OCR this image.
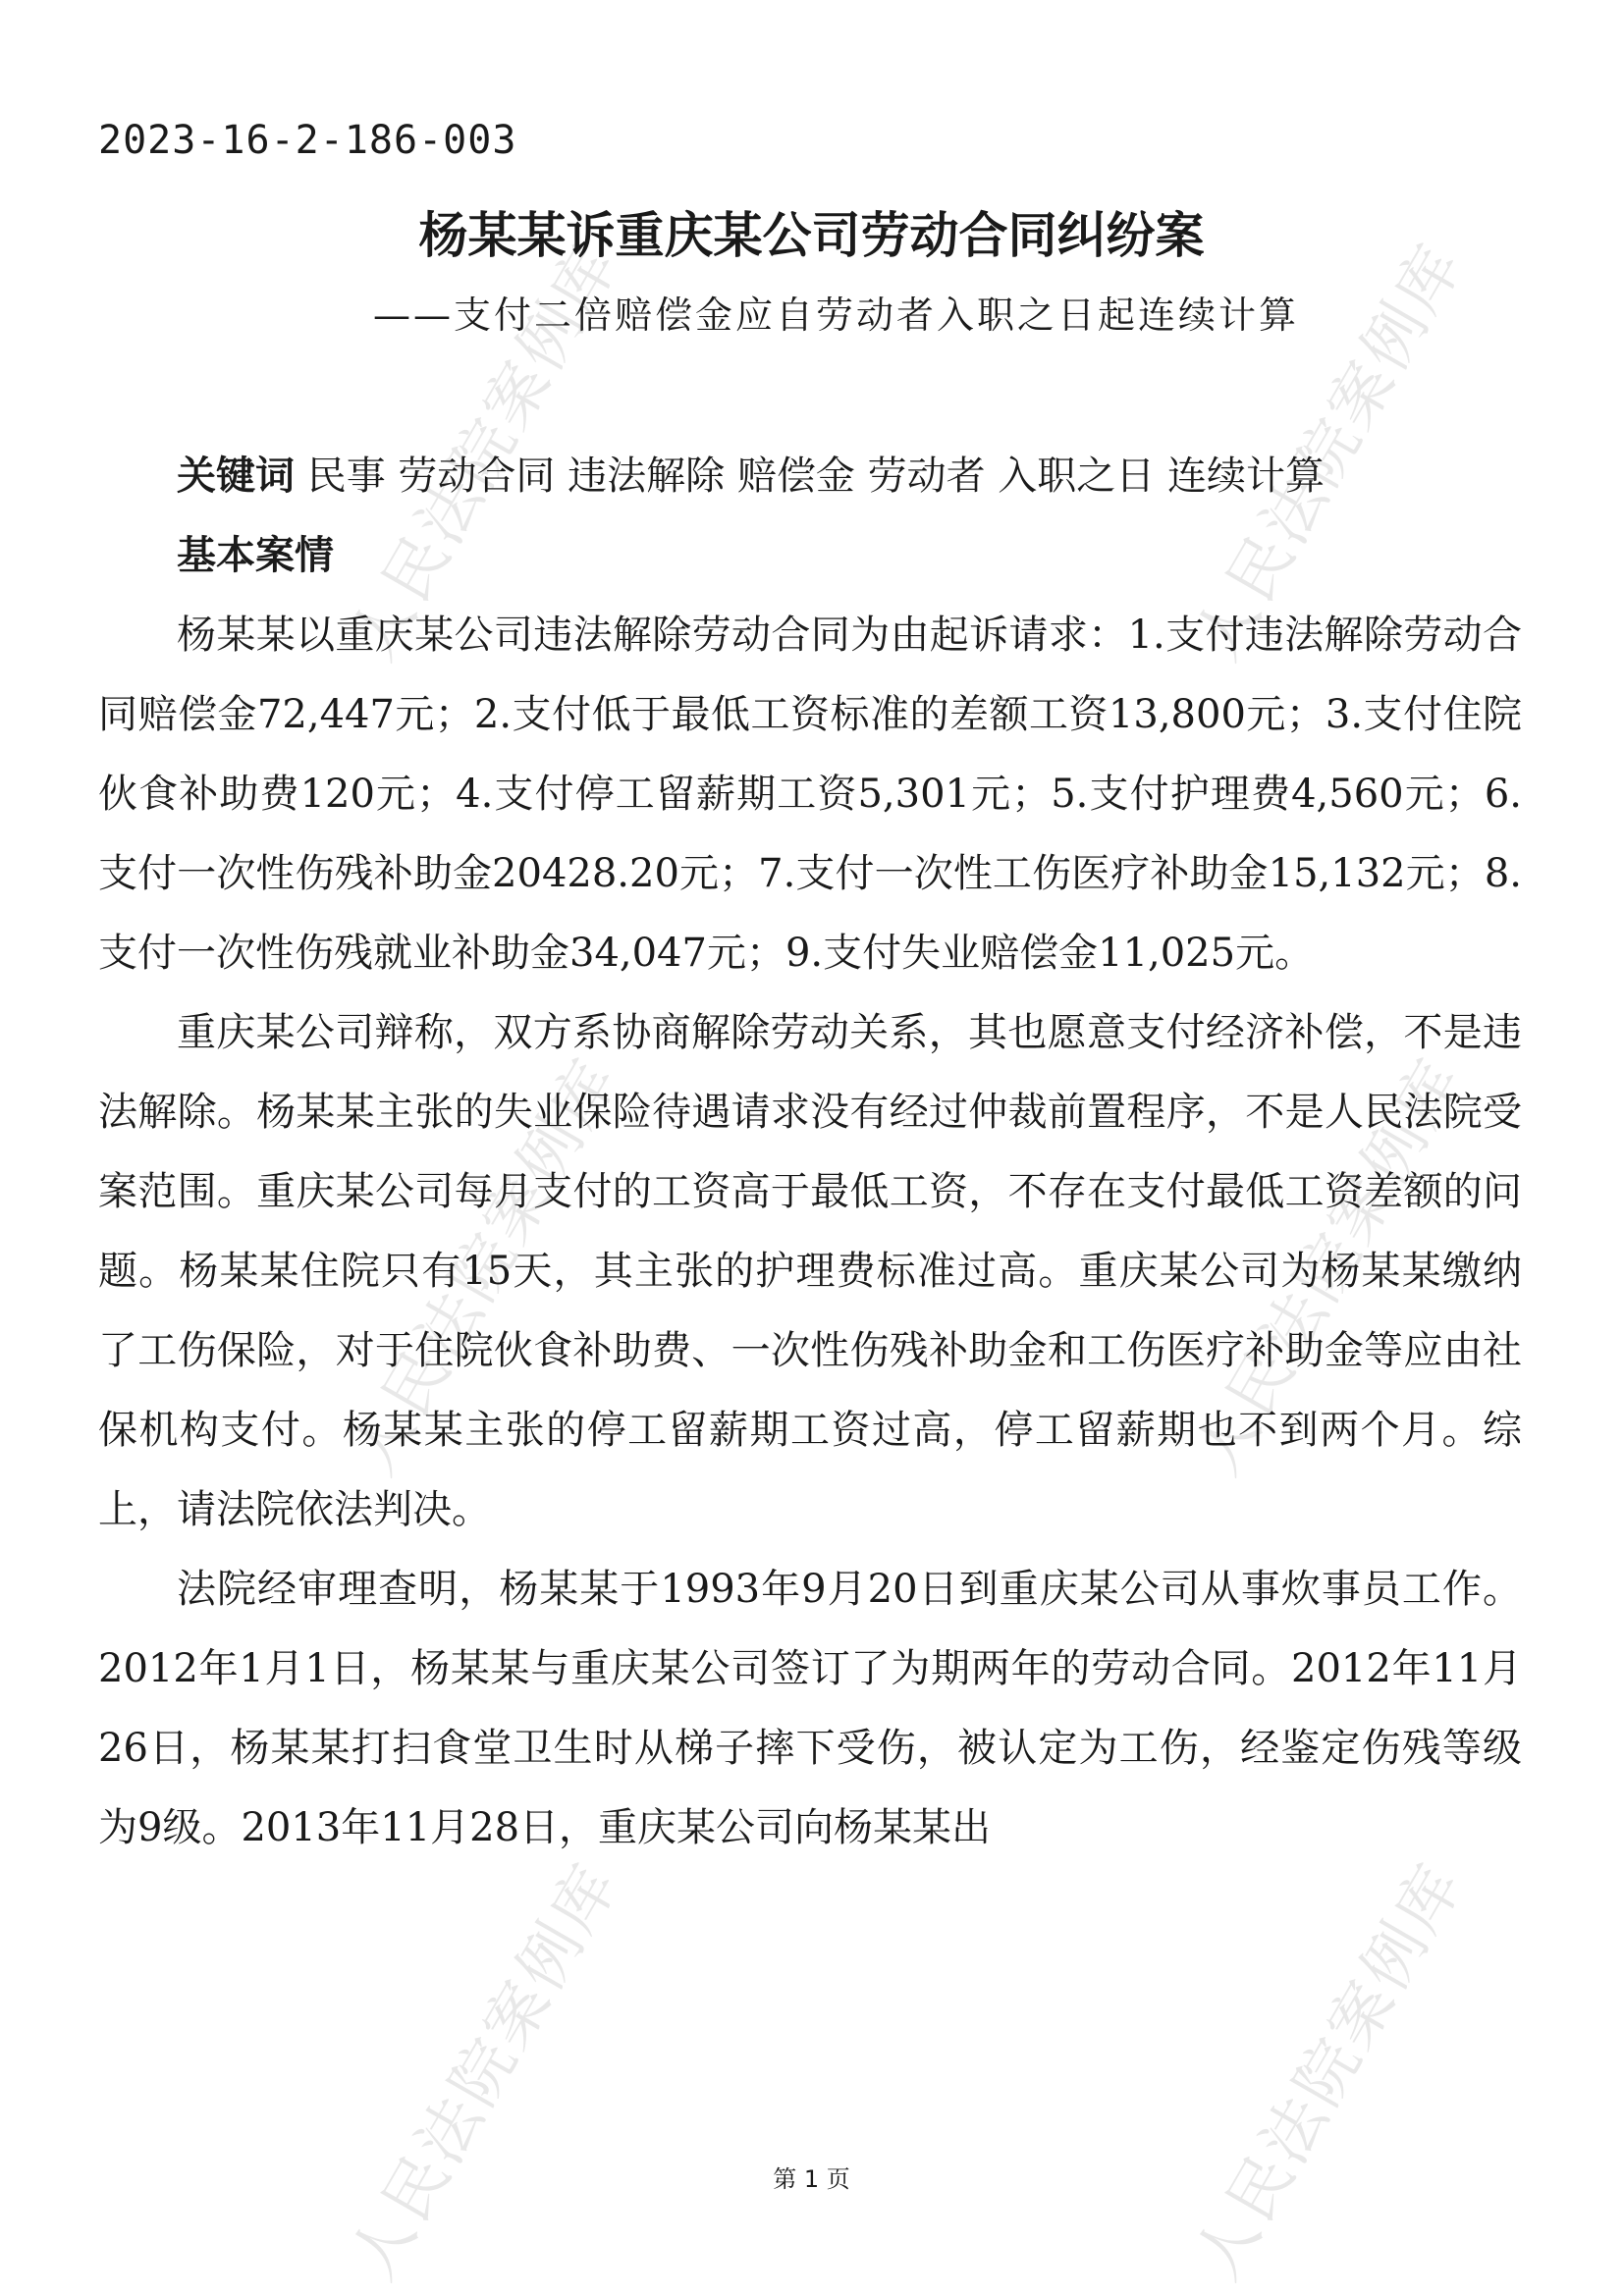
人民法院案例库	人民法院案例库
人民法院案例库	人民法院案例库
人民法院案例库	人民法院案例库
2023-16-2-186-003
杨某某诉重庆某公司劳动合同纠纷案
——支付二倍赔偿金应自劳动者入职之日起连续计算

关键词 民事 劳动合同 违法解除 赔偿金 劳动者 入职之日 连续计算

基本案情

杨某某以重庆某公司违法解除劳动合同为由起诉请求：1.支付违法解除劳动合同赔偿金72,447元；2.支付低于最低工资标准的差额工资13,800元；3.支付住院伙食补助费120元；4.支付停工留薪期工资5,301元；5.支付护理费4,560元；6.支付一次性伤残补助金20428.20元；7.支付一次性工伤医疗补助金15,132元；8.支付一次性伤残就业补助金34,047元；9.支付失业赔偿金11,025元。

重庆某公司辩称，双方系协商解除劳动关系，其也愿意支付经济补偿，不是违法解除。杨某某主张的失业保险待遇请求没有经过仲裁前置程序，不是人民法院受案范围。重庆某公司每月支付的工资高于最低工资，不存在支付最低工资差额的问题。杨某某住院只有15天，其主张的护理费标准过高。重庆某公司为杨某某缴纳了工伤保险，对于住院伙食补助费、一次性伤残补助金和工伤医疗补助金等应由社保机构支付。杨某某主张的停工留薪期工资过高，停工留薪期也不到两个月。综上，请法院依法判决。

法院经审理查明，杨某某于1993年9月20日到重庆某公司从事炊事员工作。2012年1月1日，杨某某与重庆某公司签订了为期两年的劳动合同。2012年11月26日，杨某某打扫食堂卫生时从梯子摔下受伤，被认定为工伤，经鉴定伤残等级为9级。2013年11月28日，重庆某公司向杨某某出

第 1 页
